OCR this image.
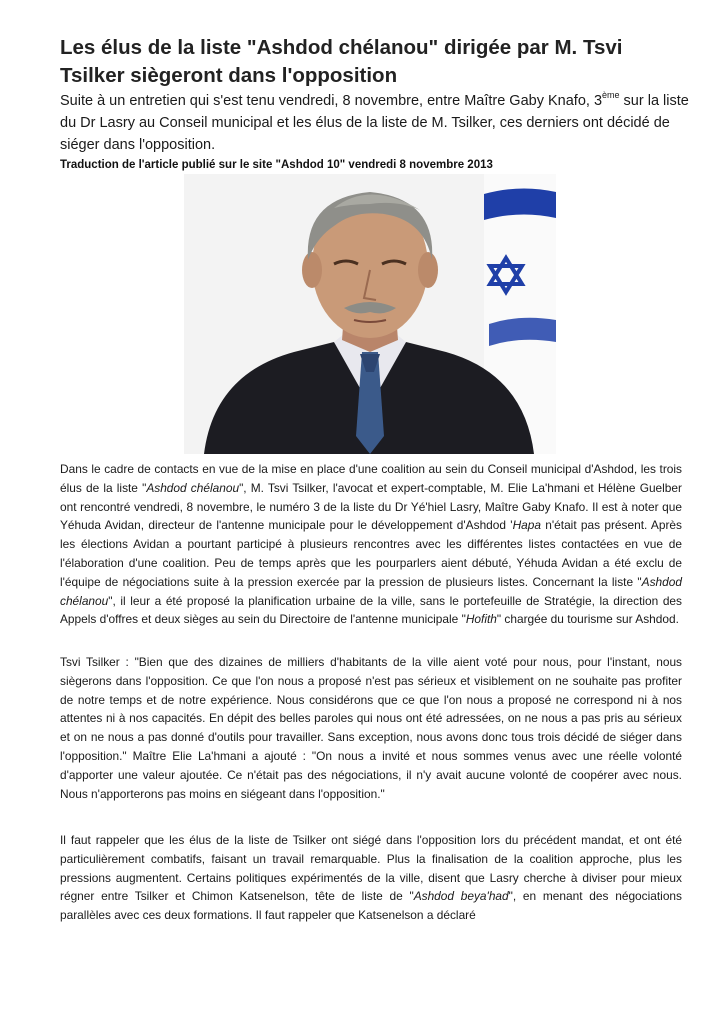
Les élus de la liste "Ashdod chélanou" dirigée par M. Tsvi Tsilker siègeront dans l'opposition

Suite à un entretien qui s'est tenu vendredi, 8 novembre, entre Maître Gaby Knafo, 3ème sur la liste du Dr Lasry au Conseil municipal et les élus de la liste de M. Tsilker, ces derniers ont décidé de siéger dans l'opposition.

Traduction de l'article publié sur le site "Ashdod 10" vendredi 8 novembre 2013

Dans le cadre de contacts en vue de la mise en place d'une coalition au sein du Conseil municipal d'Ashdod, les trois élus de la liste "Ashdod chélanou", M. Tsvi Tsilker, l'avocat et expert-comptable, M. Elie La'hmani et Hélène Guelber ont rencontré vendredi, 8 novembre, le numéro 3 de la liste du Dr Yé'hiel Lasry, Maître Gaby Knafo. Il est à noter que Yéhuda Avidan, directeur de l'antenne municipale pour le développement d'Ashdod 'Hapa n'était pas présent. Après les élections Avidan a pourtant participé à plusieurs rencontres avec les différentes listes contactées en vue de l'élaboration d'une coalition. Peu de temps après que les pourparlers aient débuté, Yéhuda Avidan a été exclu de l'équipe de négociations suite à la pression exercée par la pression de plusieurs listes. Concernant la liste "Ashdod chélanou", il leur a été proposé la planification urbaine de la ville, sans le portefeuille de Stratégie, la direction des Appels d'offres et deux sièges au sein du Directoire de l'antenne municipale "Hofith" chargée du tourisme sur Ashdod.

Tsvi Tsilker : "Bien que des dizaines de milliers d'habitants de la ville aient voté pour nous, pour l'instant, nous siègerons dans l'opposition. Ce que l'on nous a proposé n'est pas sérieux et visiblement on ne souhaite pas profiter de notre temps et de notre expérience. Nous considérons que ce que l'on nous a proposé ne correspond ni à nos attentes ni à nos capacités. En dépit des belles paroles qui nous ont été adressées, on ne nous a pas pris au sérieux et on ne nous a pas donné d'outils pour travailler. Sans exception, nous avons donc tous trois décidé de siéger dans l'opposition." Maître Elie La'hmani a ajouté : "On nous a invité et nous sommes venus avec une réelle volonté d'apporter une valeur ajoutée. Ce n'était pas des négociations, il n'y avait aucune volonté de coopérer avec nous. Nous n'apporterons pas moins en siégeant dans l'opposition."

Il faut rappeler que les élus de la liste de Tsilker ont siégé dans l'opposition lors du précédent mandat, et ont été particulièrement combatifs, faisant un travail remarquable. Plus la finalisation de la coalition approche, plus les pressions augmentent. Certains politiques expérimentés de la ville, disent que Lasry cherche à diviser pour mieux régner entre Tsilker et Chimon Katsenelson, tête de liste de "Ashdod beya'had", en menant des négociations parallèles avec ces deux formations. Il faut rappeler que Katsenelson a déclaré
